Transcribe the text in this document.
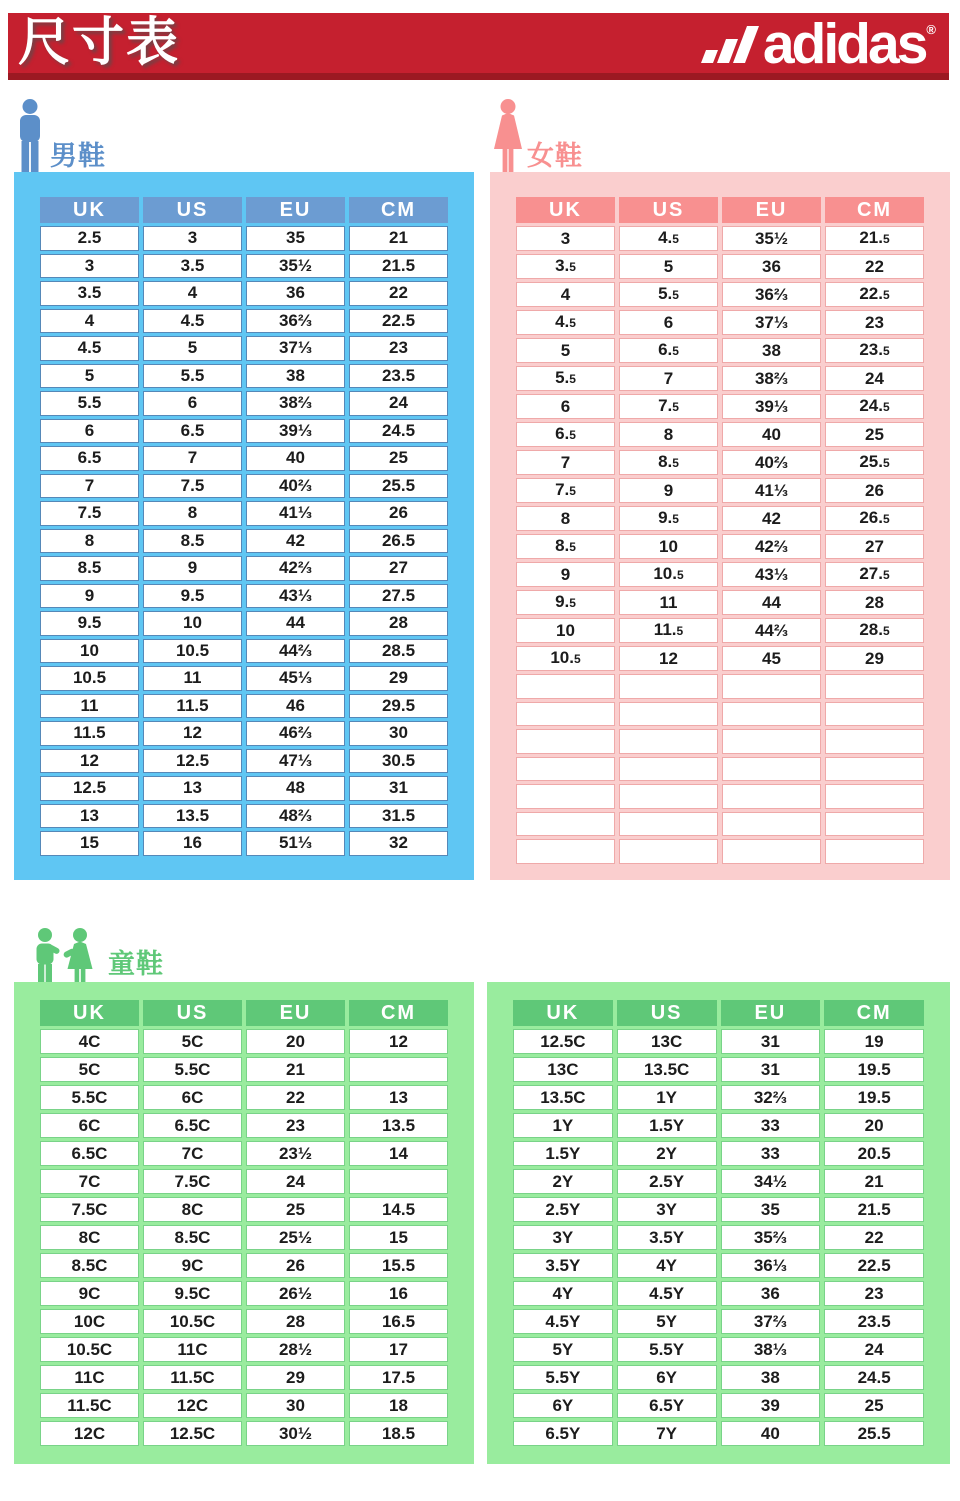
尺寸表	adidas ®
男鞋
UK	US	EU	CM
2.5	3	35	21
3	3.5	35½	21.5
3.5	4	36	22
4	4.5	36⅔	22.5
4.5	5	37⅓	23
5	5.5	38	23.5
5.5	6	38⅔	24
6	6.5	39⅓	24.5
6.5	7	40	25
7	7.5	40⅔	25.5
7.5	8	41⅓	26
8	8.5	42	26.5
8.5	9	42⅔	27
9	9.5	43⅓	27.5
9.5	10	44	28
10	10.5	44⅔	28.5
10.5	11	45⅓	29
11	11.5	46	29.5
11.5	12	46⅔	30
12	12.5	47⅓	30.5
12.5	13	48	31
13	13.5	48⅔	31.5
15	16	51⅓	32
女鞋
UK	US	EU	CM
3	4.5	35½	21.5
3.5	5	36	22
4	5.5	36⅔	22.5
4.5	6	37⅓	23
5	6.5	38	23.5
5.5	7	38⅔	24
6	7.5	39⅓	24.5
6.5	8	40	25
7	8.5	40⅔	25.5
7.5	9	41⅓	26
8	9.5	42	26.5
8.5	10	42⅔	27
9	10.5	43⅓	27.5
9.5	11	44	28
10	11.5	44⅔	28.5
10.5	12	45	29

童鞋
UK	US	EU	CM
4C	5C	20	12
5C	5.5C	21	
5.5C	6C	22	13
6C	6.5C	23	13.5
6.5C	7C	23½	14
7C	7.5C	24	
7.5C	8C	25	14.5
8C	8.5C	25½	15
8.5C	9C	26	15.5
9C	9.5C	26½	16
10C	10.5C	28	16.5
10.5C	11C	28½	17
11C	11.5C	29	17.5
11.5C	12C	30	18
12C	12.5C	30½	18.5
UK	US	EU	CM
12.5C	13C	31	19
13C	13.5C	31	19.5
13.5C	1Y	32⅔	19.5
1Y	1.5Y	33	20
1.5Y	2Y	33	20.5
2Y	2.5Y	34½	21
2.5Y	3Y	35	21.5
3Y	3.5Y	35⅔	22
3.5Y	4Y	36⅓	22.5
4Y	4.5Y	36	23
4.5Y	5Y	37⅔	23.5
5Y	5.5Y	38⅓	24
5.5Y	6Y	38	24.5
6Y	6.5Y	39	25
6.5Y	7Y	40	25.5
